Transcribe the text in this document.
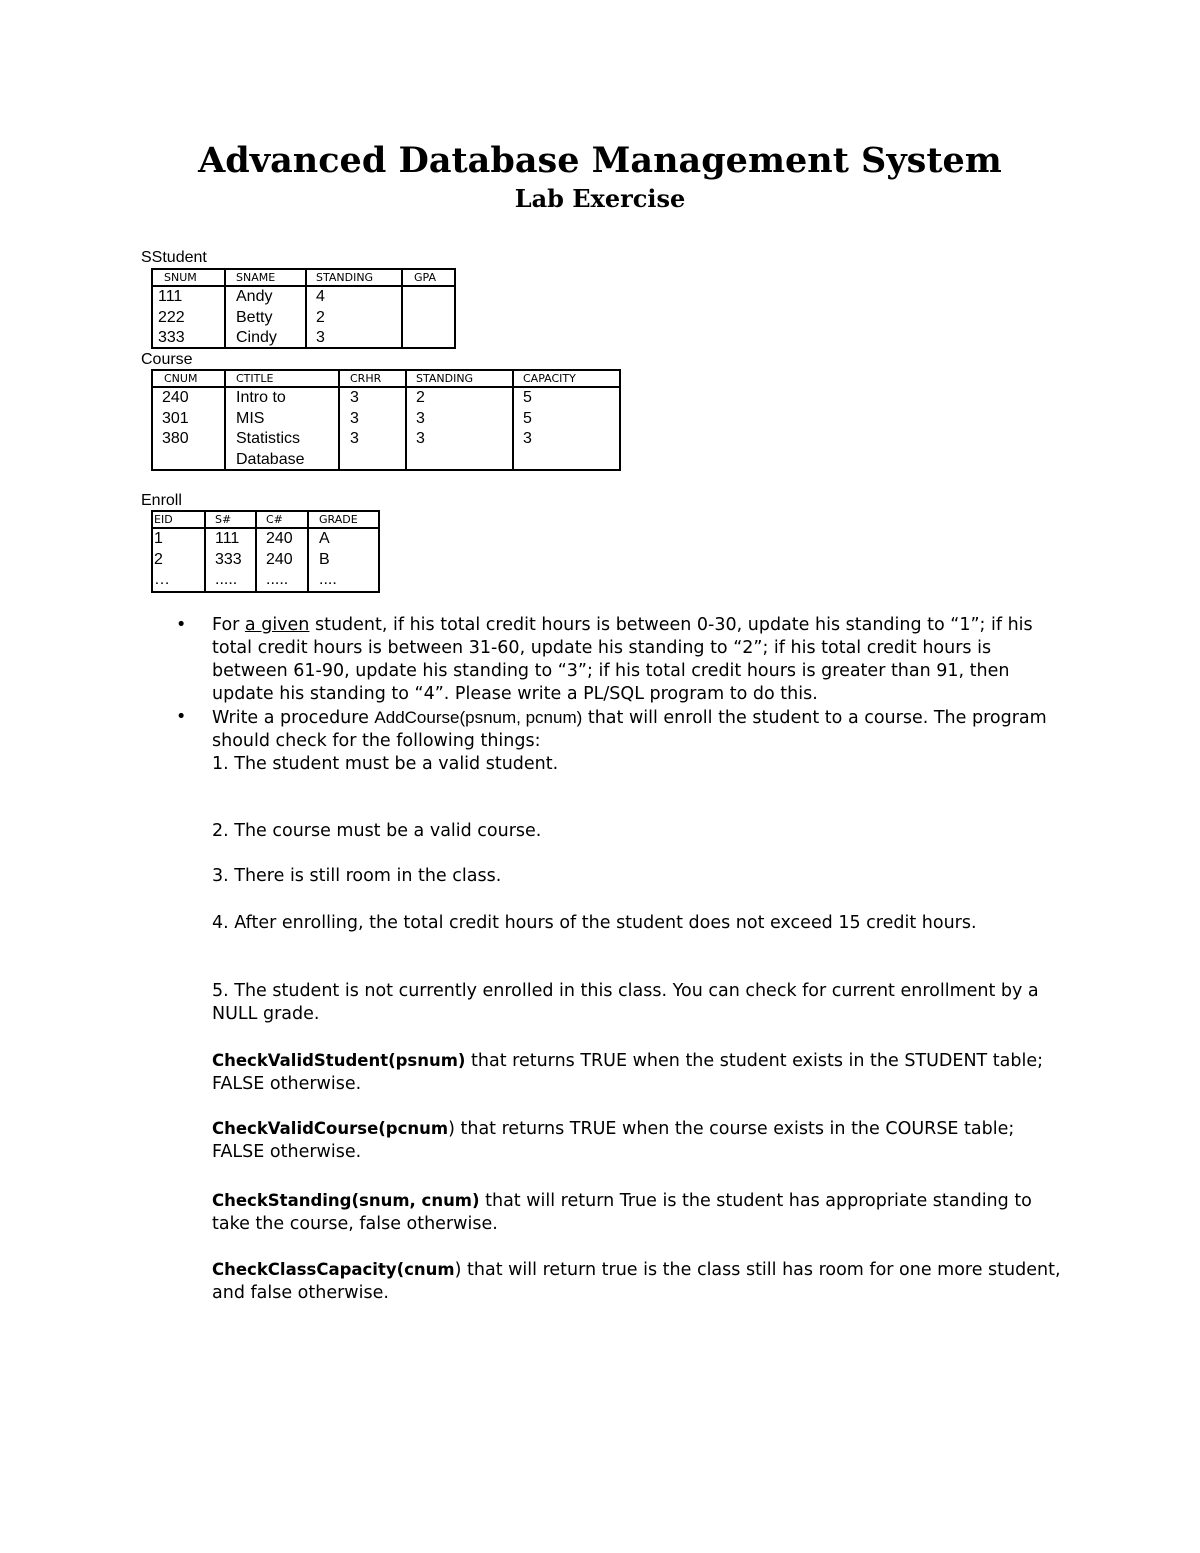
Advanced Database Management System
Lab Exercise
SStudent
SNUM
111
222
333
SNAME
Andy
Betty
Cindy
STANDING
4
2
3
GPA
Course
CNUM
240
301
380
CTITLE
Intro to
MIS
Statistics
Database
CRHR
3
3
3
STANDING
2
3
3
CAPACITY
5
5
3
Enroll
EID
1
2
…
S#
111
333
.....
C#
240
240
.....
GRADE
A
B
....
• For a given student, if his total credit hours is between 0-30, update his standing to “1”; if his total credit hours is between 31-60, update his standing to “2”; if his total credit hours is between 61-90, update his standing to “3”; if his total credit hours is greater than 91, then update his standing to “4”. Please write a PL/SQL program to do this.
• Write a procedure AddCourse(psnum, pcnum) that will enroll the student to a course. The program should check for the following things:
1. The student must be a valid student.

2. The course must be a valid course.

3. There is still room in the class.

4. After enrolling, the total credit hours of the student does not exceed 15 credit hours.

5. The student is not currently enrolled in this class. You can check for current enrollment by a NULL grade.

CheckValidStudent(psnum) that returns TRUE when the student exists in the STUDENT table; FALSE otherwise.

CheckValidCourse(pcnum) that returns TRUE when the course exists in the COURSE table; FALSE otherwise.

CheckStanding(snum, cnum) that will return True is the student has appropriate standing to take the course, false otherwise.

CheckClassCapacity(cnum) that will return true is the class still has room for one more student, and false otherwise.
